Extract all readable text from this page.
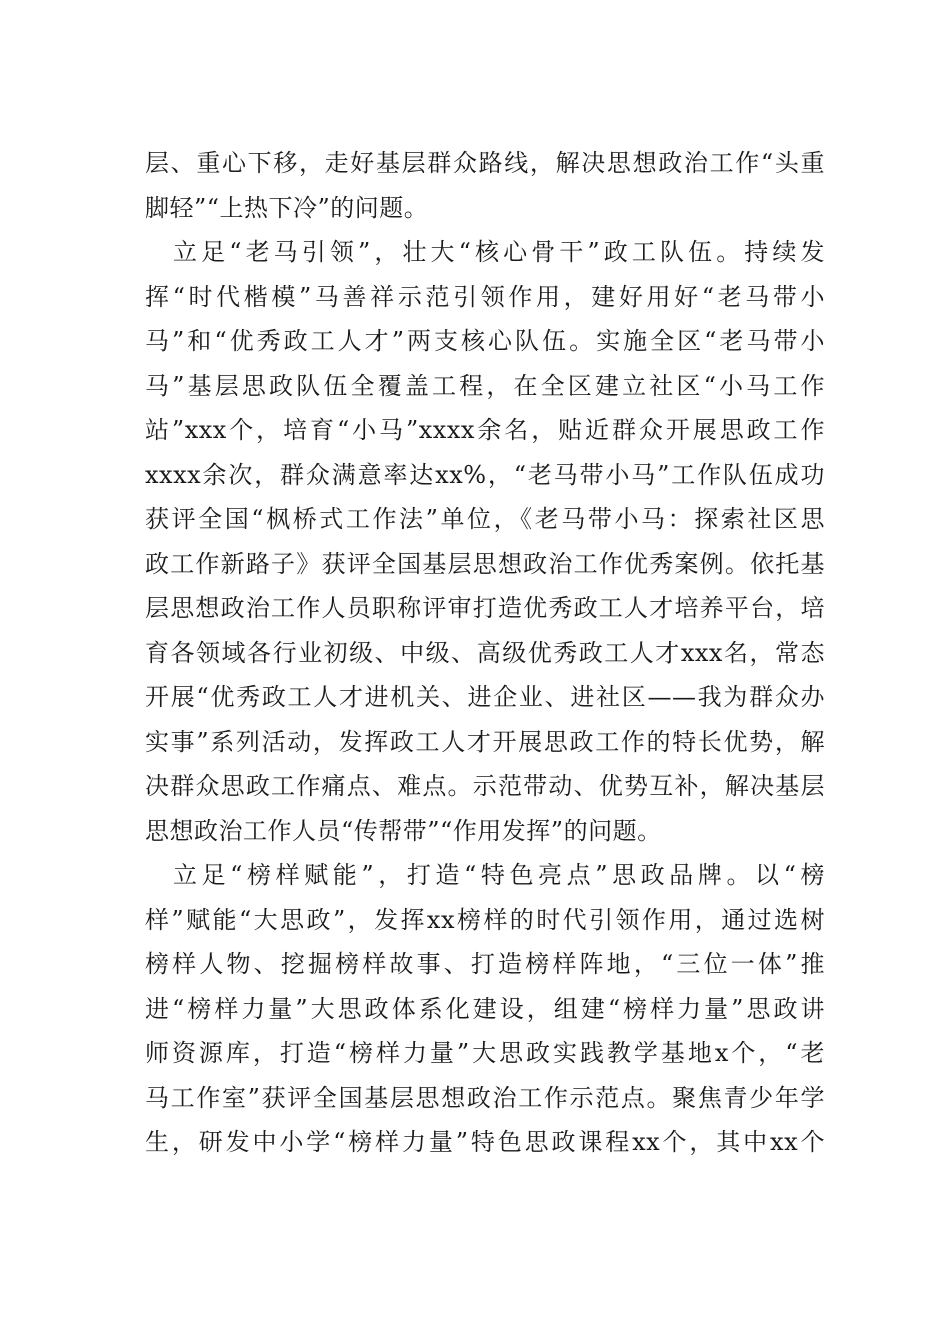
层、重心下移，走好基层群众路线，解决思想政治工作“头重
脚轻”“上热下冷”的问题。
立足“老马引领”，壮大“核心骨干”政工队伍。持续发
挥“时代楷模”马善祥示范引领作用，建好用好“老马带小
马”和“优秀政工人才”两支核心队伍。实施全区“老马带小
马”基层思政队伍全覆盖工程，在全区建立社区“小马工作
站”xxx个，培育“小马”xxxx余名，贴近群众开展思政工作
xxxx余次，群众满意率达xx%，“老马带小马”工作队伍成功
获评全国“枫桥式工作法”单位，《老马带小马：探索社区思
政工作新路子》获评全国基层思想政治工作优秀案例。依托基
层思想政治工作人员职称评审打造优秀政工人才培养平台，培
育各领域各行业初级、中级、高级优秀政工人才xxx名，常态
开展“优秀政工人才进机关、进企业、进社区——我为群众办
实事”系列活动，发挥政工人才开展思政工作的特长优势，解
决群众思政工作痛点、难点。示范带动、优势互补，解决基层
思想政治工作人员“传帮带”“作用发挥”的问题。
立足“榜样赋能”，打造“特色亮点”思政品牌。以“榜
样”赋能“大思政”，发挥xx榜样的时代引领作用，通过选树
榜样人物、挖掘榜样故事、打造榜样阵地，“三位一体”推
进“榜样力量”大思政体系化建设，组建“榜样力量”思政讲
师资源库，打造“榜样力量”大思政实践教学基地x个，“老
马工作室”获评全国基层思想政治工作示范点。聚焦青少年学
生，研发中小学“榜样力量”特色思政课程xx个，其中xx个
